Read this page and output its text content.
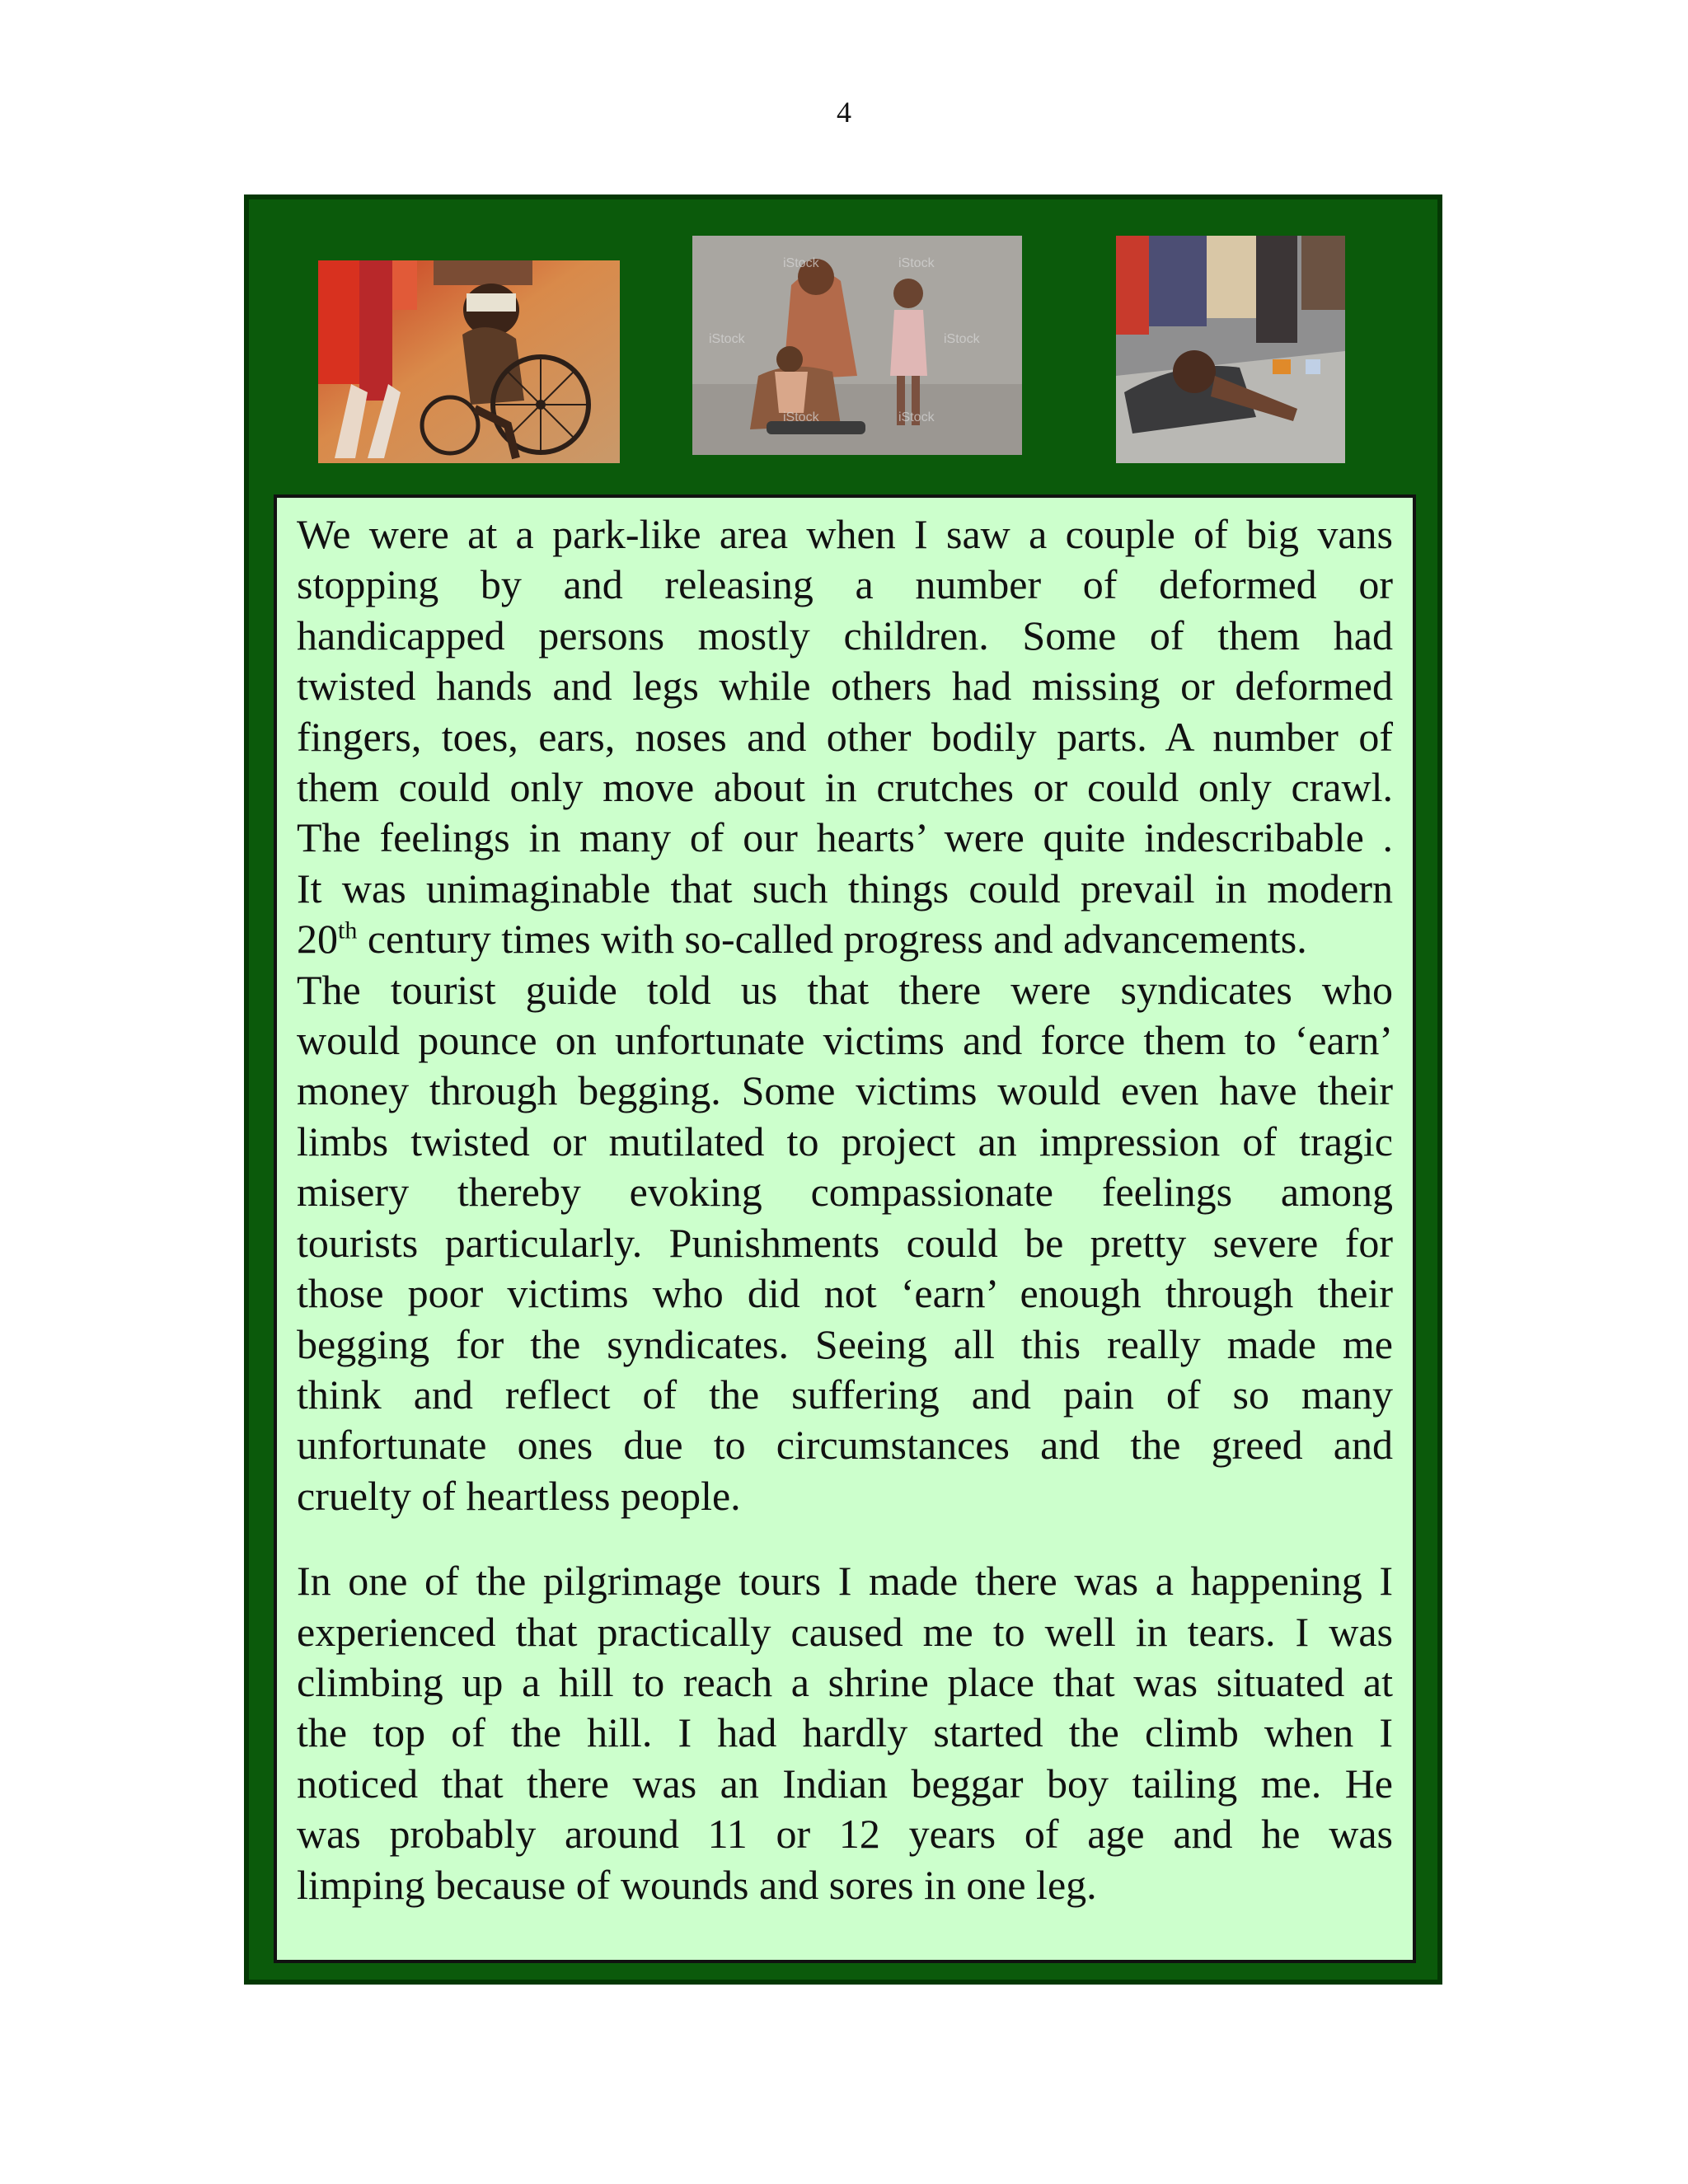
4
iStock	iStock
iStock	iStock
iStock	iStock

We were at a park-like area when I saw a couple of big vans
stopping by and releasing a number of deformed or
handicapped persons mostly children. Some of them had
twisted hands and legs while others had missing or deformed
fingers, toes, ears, noses and other bodily parts. A number of
them could only move about in crutches or could only crawl.
The feelings in many of our hearts’ were quite indescribable .
It was unimaginable that such things could prevail in modern
20th century times with so-called progress and advancements.
The tourist guide told us that there were syndicates who
would pounce on unfortunate victims and force them to ‘earn’
money through begging. Some victims would even have their
limbs twisted or mutilated to project an impression of tragic
misery thereby evoking compassionate feelings among
tourists particularly. Punishments could be pretty severe for
those poor victims who did not ‘earn’ enough through their
begging for the syndicates. Seeing all this really made me
think and reflect of the suffering and pain of so many
unfortunate ones due to circumstances and the greed and
cruelty of heartless people.

In one of the pilgrimage tours I made there was a happening I
experienced that practically caused me to well in tears. I was
climbing up a hill to reach a shrine place that was situated at
the top of the hill. I had hardly started the climb when I
noticed that there was an Indian beggar boy tailing me. He
was probably around 11 or 12 years of age and he was
limping because of wounds and sores in one leg.
